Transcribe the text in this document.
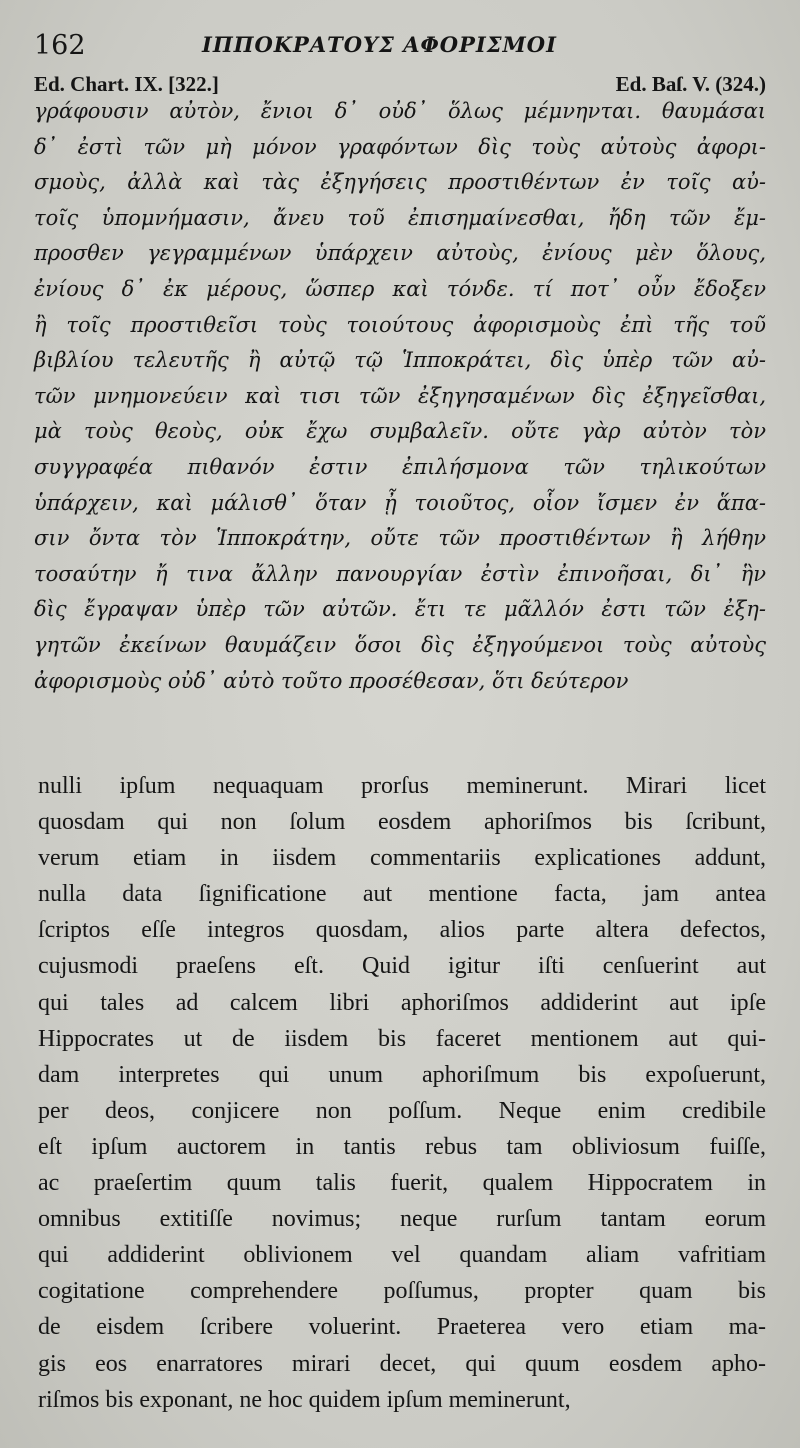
162	ΙΠΠΟΚΡΑΤΟΥΣ ΑΦΟΡΙΣΜΟΙ
Ed. Chart. IX. [322.]	Ed. Baſ. V. (324.)
γράφουσιν αὐτὸν, ἔνιοι δ᾽ οὐδ᾽ ὅλως μέμνηνται. θαυμάσαι
δ᾽ ἐστὶ τῶν μὴ μόνον γραφόντων δὶς τοὺς αὐτοὺς ἀφορι-
σμοὺς, ἀλλὰ καὶ τὰς ἐξηγήσεις προστιθέντων ἐν τοῖς αὐ-
τοῖς ὑπομνήμασιν, ἄνευ τοῦ ἐπισημαίνεσθαι, ἤδη τῶν ἔμ-
προσθεν γεγραμμένων ὑπάρχειν αὐτοὺς, ἐνίους μὲν ὅλους,
ἐνίους δ᾽ ἐκ μέρους, ὥσπερ καὶ τόνδε. τί ποτ᾽ οὖν ἔδοξεν
ἢ τοῖς προστιθεῖσι τοὺς τοιούτους ἀφορισμοὺς ἐπὶ τῆς τοῦ
βιβλίου τελευτῆς ἢ αὐτῷ τῷ Ἱπποκράτει, δὶς ὑπὲρ τῶν αὐ-
τῶν μνημονεύειν καὶ τισι τῶν ἐξηγησαμένων δὶς ἐξηγεῖσθαι,
μὰ τοὺς θεοὺς, οὐκ ἔχω συμβαλεῖν. οὔτε γὰρ αὐτὸν τὸν
συγγραφέα πιθανόν ἐστιν ἐπιλήσμονα τῶν τηλικούτων
ὑπάρχειν, καὶ μάλισθ᾽ ὅταν ᾖ τοιοῦτος, οἷον ἴσμεν ἐν ἅπα-
σιν ὄντα τὸν Ἱπποκράτην, οὔτε τῶν προστιθέντων ἢ λήθην
τοσαύτην ἤ τινα ἄλλην πανουργίαν ἐστὶν ἐπινοῆσαι, δι᾽ ἣν
δὶς ἔγραψαν ὑπὲρ τῶν αὐτῶν. ἔτι τε μᾶλλόν ἐστι τῶν ἐξη-
γητῶν ἐκείνων θαυμάζειν ὅσοι δὶς ἐξηγούμενοι τοὺς αὐτοὺς
ἀφορισμοὺς οὐδ᾽ αὐτὸ τοῦτο προσέθεσαν, ὅτι δεύτερον
nulli ipſum nequaquam prorſus meminerunt. Mirari licet
quosdam qui non ſolum eosdem aphoriſmos bis ſcribunt,
verum etiam in iisdem commentariis explicationes addunt,
nulla data ſignificatione aut mentione facta, jam antea
ſcriptos eſſe integros quosdam, alios parte altera defectos,
cujusmodi praeſens eſt. Quid igitur iſti cenſuerint aut
qui tales ad calcem libri aphoriſmos addiderint aut ipſe
Hippocrates ut de iisdem bis faceret mentionem aut qui-
dam interpretes qui unum aphoriſmum bis expoſuerunt,
per deos, conjicere non poſſum. Neque enim credibile
eſt ipſum auctorem in tantis rebus tam obliviosum fuiſſe,
ac praeſertim quum talis fuerit, qualem Hippocratem in
omnibus extitiſſe novimus; neque rurſum tantam eorum
qui addiderint oblivionem vel quandam aliam vafritiam
cogitatione comprehendere poſſumus, propter quam bis
de eisdem ſcribere voluerint. Praeterea vero etiam ma-
gis eos enarratores mirari decet, qui quum eosdem apho-
riſmos bis exponant, ne hoc quidem ipſum meminerunt,
